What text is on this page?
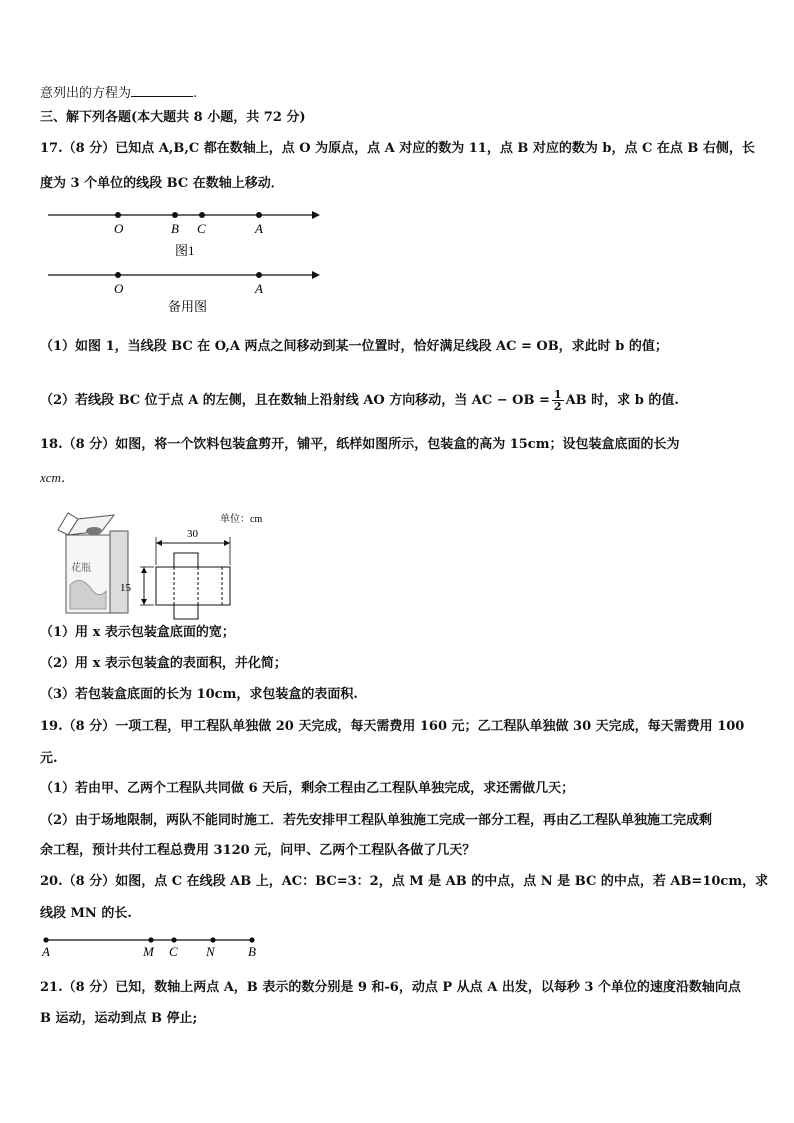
意列出的方程为	.
三、解下列各题(本大题共 8 小题，共 72 分)
17.（8 分）已知点 A,B,C 都在数轴上，点 O 为原点，点 A 对应的数为 11，点 B 对应的数为 b，点 C 在点 B 右侧，长
度为 3 个单位的线段 BC 在数轴上移动．
O	B C	A
图1
O	A
备用图
（1）如图 1，当线段 BC 在 O,A 两点之间移动到某一位置时，恰好满足线段 AC = OB，求此时 b 的值；
（2）若线段 BC 位于点 A 的左侧，且在数轴上沿射线 AO 方向移动，当 AC − OB = $\frac{1}{2}$ AB 时，求 b 的值.
18.（8 分）如图，将一个饮料包装盒剪开，铺平，纸样如图所示，包装盒的高为 15cm；设包装盒底面的长为
xcm．
花瓶
30
15
单位：cm
（1）用 x 表示包装盒底面的宽；
（2）用 x 表示包装盒的表面积，并化简；
（3）若包装盒底面的长为 10cm，求包装盒的表面积.
19.（8 分）一项工程，甲工程队单独做 20 天完成，每天需费用 160 元；乙工程队单独做 30 天完成，每天需费用 100
元.
（1）若由甲、乙两个工程队共同做 6 天后，剩余工程由乙工程队单独完成，求还需做几天；
（2）由于场地限制，两队不能同时施工．若先安排甲工程队单独施工完成一部分工程，再由乙工程队单独施工完成剩
余工程，预计共付工程总费用 3120 元，问甲、乙两个工程队各做了几天？
20.（8 分）如图，点 C 在线段 AB 上，AC：BC=3：2，点 M 是 AB 的中点，点 N 是 BC 的中点，若 AB=10cm，求
线段 MN 的长.
A	M C N	B
21.（8 分）已知，数轴上两点 A，B 表示的数分别是 9 和-6，动点 P 从点 A 出发，以每秒 3 个单位的速度沿数轴向点
B 运动，运动到点 B 停止;
